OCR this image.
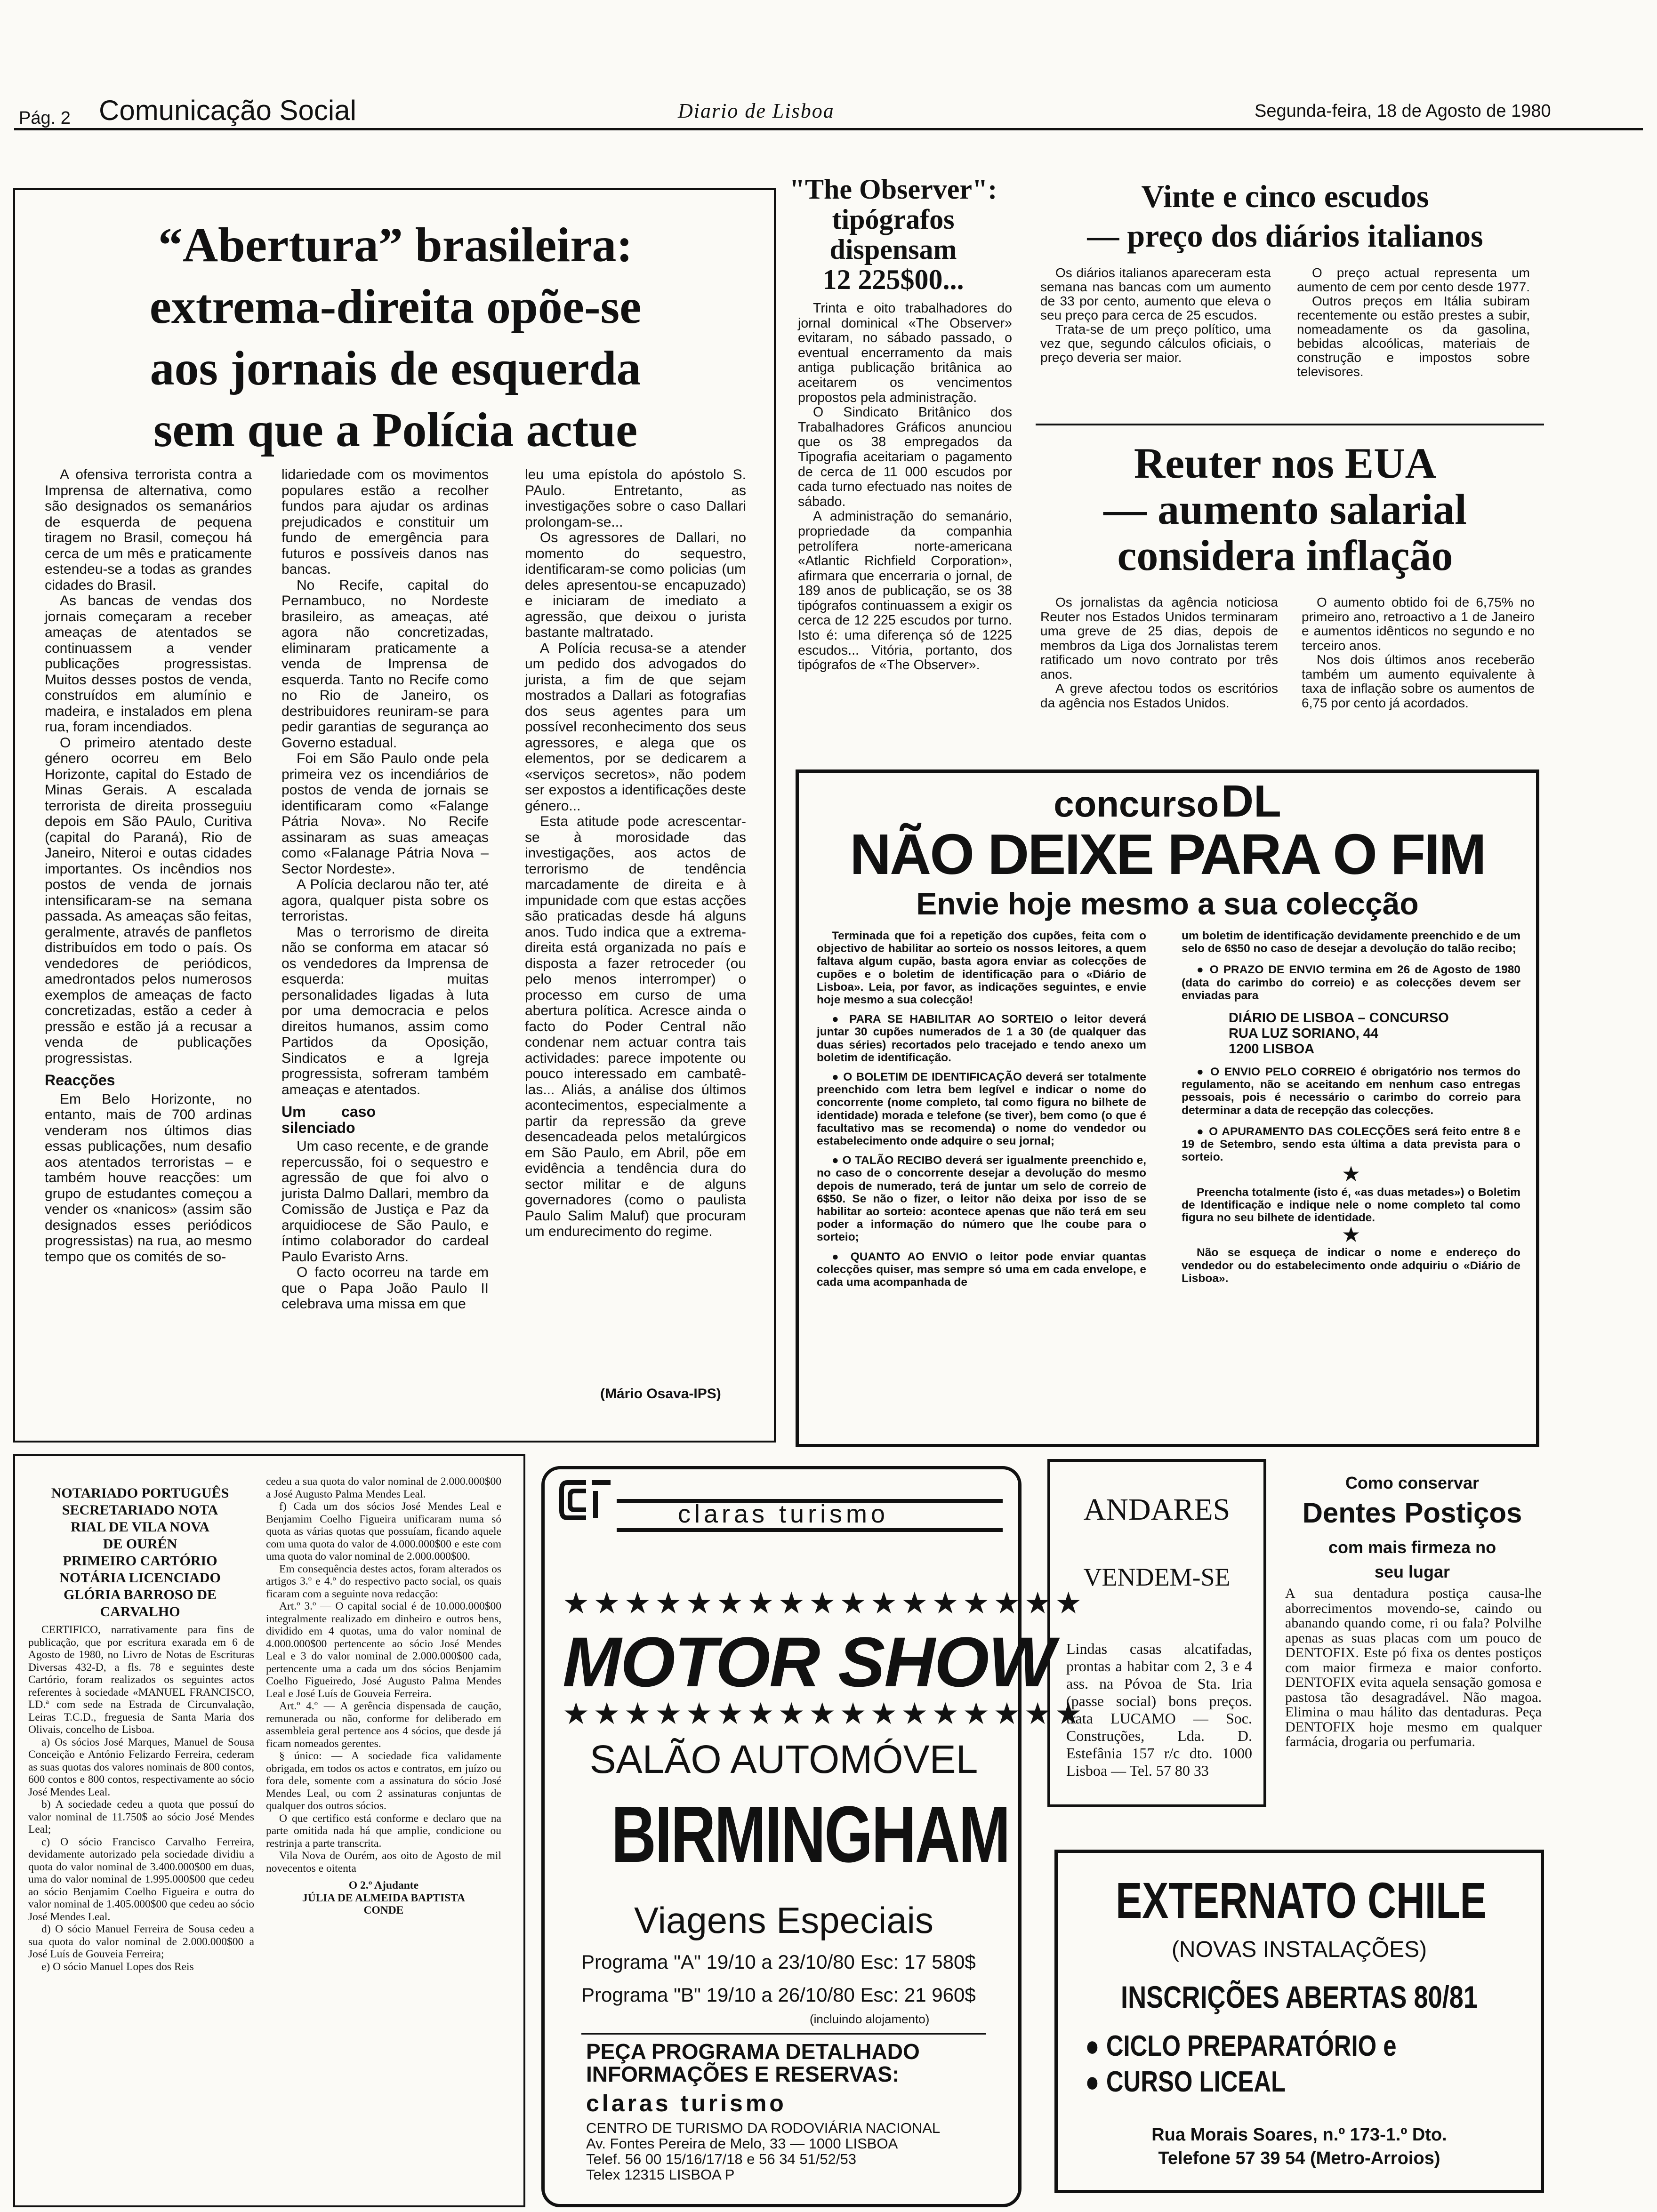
Pág. 2 Comunicação Social	Diario de Lisboa	Segunda-feira, 18 de Agosto de 1980
“Abertura” brasileira:
extrema-direita opõe-se
aos jornais de esquerda
sem que a Polícia actue

A ofensiva terrorista contra a Imprensa de alternativa, como são designados os semanários de esquerda de pequena tiragem no Brasil, começou há cerca de um mês e praticamente estendeu-se a todas as grandes cidades do Brasil.

As bancas de vendas dos jornais começaram a receber ameaças de atentados se continuassem a vender publicações progressistas. Muitos desses postos de venda, construídos em alumínio e madeira, e instalados em plena rua, foram incendiados.

O primeiro atentado deste género ocorreu em Belo Horizonte, capital do Estado de Minas Gerais. A escalada terrorista de direita prosseguiu depois em São PAulo, Curitiva (capital do Paraná), Rio de Janeiro, Niteroi e outas cidades importantes. Os incêndios nos postos de venda de jornais intensificaram-se na semana passada. As ameaças são feitas, geralmente, através de panfletos distribuídos em todo o país. Os vendedores de periódicos, amedrontados pelos numerosos exemplos de ameaças de facto concretizadas, estão a ceder à pressão e estão já a recusar a venda de publicações progressistas.

Reacções

Em Belo Horizonte, no entanto, mais de 700 ardinas venderam nos últimos dias essas publicações, num desafio aos atentados terroristas – e também houve reacções: um grupo de estudantes começou a vender os «nanicos» (assim são designados esses periódicos progressistas) na rua, ao mesmo tempo que os comités de so-

lidariedade com os movimentos populares estão a recolher fundos para ajudar os ardinas prejudicados e constituir um fundo de emergência para futuros e possíveis danos nas bancas.

No Recife, capital do Pernambuco, no Nordeste brasileiro, as ameaças, até agora não concretizadas, eliminaram praticamente a venda de Imprensa de esquerda. Tanto no Recife como no Rio de Janeiro, os destribuidores reuniram-se para pedir garantias de segurança ao Governo estadual.

Foi em São Paulo onde pela primeira vez os incendiários de postos de venda de jornais se identificaram como «Falange Pátria Nova». No Recife assinaram as suas ameaças como «Falanage Pátria Nova – Sector Nordeste».

A Polícia declarou não ter, até agora, qualquer pista sobre os terroristas.

Mas o terrorismo de direita não se conforma em atacar só os vendedores da Imprensa de esquerda: muitas personalidades ligadas à luta por uma democracia e pelos direitos humanos, assim como Partidos da Oposição, Sindicatos e a Igreja progressista, sofreram também ameaças e atentados.

Um caso silenciado

Um caso recente, e de grande repercussão, foi o sequestro e agressão de que foi alvo o jurista Dalmo Dallari, membro da Comissão de Justiça e Paz da arquidiocese de São Paulo, e íntimo colaborador do cardeal Paulo Evaristo Arns.

O facto ocorreu na tarde em que o Papa João Paulo II celebrava uma missa em que

leu uma epístola do apóstolo S. PAulo. Entretanto, as investigações sobre o caso Dallari prolongam-se...

Os agressores de Dallari, no momento do sequestro, identificaram-se como policias (um deles apresentou-se encapuzado) e iniciaram de imediato a agressão, que deixou o jurista bastante maltratado.

A Polícia recusa-se a atender um pedido dos advogados do jurista, a fim de que sejam mostrados a Dallari as fotografias dos seus agentes para um possível reconhecimento dos seus agressores, e alega que os elementos, por se dedicarem a «serviços secretos», não podem ser expostos a identificações deste género...

Esta atitude pode acrescentar-se à morosidade das investigações, aos actos de terrorismo de tendência marcadamente de direita e à impunidade com que estas acções são praticadas desde há alguns anos. Tudo indica que a extrema-direita está organizada no país e disposta a fazer retroceder (ou pelo menos interromper) o processo em curso de uma abertura política. Acresce ainda o facto do Poder Central não condenar nem actuar contra tais actividades: parece impotente ou pouco interessado em cambatê-las... Aliás, a análise dos últimos acontecimentos, especialmente a partir da repressão da greve desencadeada pelos metalúrgicos em São Paulo, em Abril, põe em evidência a tendência dura do sector militar e de alguns governadores (como o paulista Paulo Salim Maluf) que procuram um endurecimento do regime.

(Mário Osava-IPS)
"The Observer":
tipógrafos
dispensam
12 225$00...

Trinta e oito trabalhadores do jornal dominical «The Observer» evitaram, no sábado passado, o eventual encerramento da mais antiga publicação britânica ao aceitarem os vencimentos propostos pela administração.

O Sindicato Britânico dos Trabalhadores Gráficos anunciou que os 38 empregados da Tipografia aceitariam o pagamento de cerca de 11 000 escudos por cada turno efectuado nas noites de sábado.

A administração do semanário, propriedade da companhia petrolífera norte-americana «Atlantic Richfield Corporation», afirmara que encerraria o jornal, de 189 anos de publicação, se os 38 tipógrafos continuassem a exigir os cerca de 12 225 escudos por turno. Isto é: uma diferença só de 1225 escudos... Vitória, portanto, dos tipógrafos de «The Observer».

Vinte e cinco escudos
— preço dos diários italianos

Os diários italianos apareceram esta semana nas bancas com um aumento de 33 por cento, aumento que eleva o seu preço para cerca de 25 escudos.

Trata-se de um preço político, uma vez que, segundo cálculos oficiais, o preço deveria ser maior.

O preço actual representa um aumento de cem por cento desde 1977.

Outros preços em Itália subiram recentemente ou estão prestes a subir, nomeadamente os da gasolina, bebidas alcoólicas, materiais de construção e impostos sobre televisores.

Reuter nos EUA
— aumento salarial
considera inflação

Os jornalistas da agência noticiosa Reuter nos Estados Unidos terminaram uma greve de 25 dias, depois de membros da Liga dos Jornalistas terem ratificado um novo contrato por três anos.

A greve afectou todos os escritórios da agência nos Estados Unidos.

O aumento obtido foi de 6,75% no primeiro ano, retroactivo a 1 de Janeiro e aumentos idênticos no segundo e no terceiro anos.

Nos dois últimos anos receberão também um aumento equivalente à taxa de inflação sobre os aumentos de 6,75 por cento já acordados.

concurso DL
NÃO DEIXE PARA O FIM
Envie hoje mesmo a sua colecção

Terminada que foi a repetição dos cupões, feita com o objectivo de habilitar ao sorteio os nossos leitores, a quem faltava algum cupão, basta agora enviar as colecções de cupões e o boletim de identificação para o «Diário de Lisboa». Leia, por favor, as indicações seguintes, e envie hoje mesmo a sua colecção!

● PARA SE HABILITAR AO SORTEIO o leitor deverá juntar 30 cupões numerados de 1 a 30 (de qualquer das duas séries) recortados pelo tracejado e tendo anexo um boletim de identificação.

● O BOLETIM DE IDENTIFICAÇÃO deverá ser totalmente preenchido com letra bem legível e indicar o nome do concorrente (nome completo, tal como figura no bilhete de identidade) morada e telefone (se tiver), bem como (o que é facultativo mas se recomenda) o nome do vendedor ou estabelecimento onde adquire o seu jornal;

● O TALÃO RECIBO deverá ser igualmente preenchido e, no caso de o concorrente desejar a devolução do mesmo depois de numerado, terá de juntar um selo de correio de 6$50. Se não o fizer, o leitor não deixa por isso de se habilitar ao sorteio: acontece apenas que não terá em seu poder a informação do número que lhe coube para o sorteio;

● QUANTO AO ENVIO o leitor pode enviar quantas colecções quiser, mas sempre só uma em cada envelope, e cada uma acompanhada de

um boletim de identificação devidamente preenchido e de um selo de 6$50 no caso de desejar a devolução do talão recibo;

● O PRAZO DE ENVIO termina em 26 de Agosto de 1980 (data do carimbo do correio) e as colecções devem ser enviadas para

DIÁRIO DE LISBOA – CONCURSO
RUA LUZ SORIANO, 44
1200 LISBOA

● O ENVIO PELO CORREIO é obrigatório nos termos do regulamento, não se aceitando em nenhum caso entregas pessoais, pois é necessário o carimbo do correio para determinar a data de recepção das colecções.

● O APURAMENTO DAS COLECÇÕES será feito entre 8 e 19 de Setembro, sendo esta última a data prevista para o sorteio.

★

Preencha totalmente (isto é, «as duas metades») o Boletim de Identificação e indique nele o nome completo tal como figura no seu bilhete de identidade.

★

Não se esqueça de indicar o nome e endereço do vendedor ou do estabelecimento onde adquiriu o «Diário de Lisboa».

NOTARIADO PORTUGUÊS
SECRETARIADO NOTA
RIAL DE VILA NOVA
DE OURÉN
PRIMEIRO CARTÓRIO
NOTÁRIA LICENCIADO
GLÓRIA BARROSO DE
CARVALHO

CERTIFICO, narrativamente para fins de publicação, que por escritura exarada em 6 de Agosto de 1980, no Livro de Notas de Escrituras Diversas 432-D, a fls. 78 e seguintes deste Cartório, foram realizados os seguintes actos referentes à sociedade «MANUEL FRANCISCO, LD.ª com sede na Estrada de Circunvalação, Leiras T.C.D., freguesia de Santa Maria dos Olivais, concelho de Lisboa.

a) Os sócios José Marques, Manuel de Sousa Conceição e António Felizardo Ferreira, cederam as suas quotas dos valores nominais de 800 contos, 600 contos e 800 contos, respectivamente ao sócio José Mendes Leal.

b) A sociedade cedeu a quota que possuí do valor nominal de 11.750$ ao sócio José Mendes Leal;

c) O sócio Francisco Carvalho Ferreira, devidamente autorizado pela sociedade dividiu a quota do valor nominal de 3.400.000$00 em duas, uma do valor nominal de 1.995.000$00 que cedeu ao sócio Benjamim Coelho Figueira e outra do valor nominal de 1.405.000$00 que cedeu ao sócio José Mendes Leal.

d) O sócio Manuel Ferreira de Sousa cedeu a sua quota do valor nominal de 2.000.000$00 a José Luís de Gouveia Ferreira;

e) O sócio Manuel Lopes dos Reis

cedeu a sua quota do valor nominal de 2.000.000$00 a José Augusto Palma Mendes Leal.

f) Cada um dos sócios José Mendes Leal e Benjamim Coelho Figueira unificaram numa só quota as várias quotas que possuíam, ficando aquele com uma quota do valor de 4.000.000$00 e este com uma quota do valor nominal de 2.000.000$00.

Em consequência destes actos, foram alterados os artigos 3.º e 4.º do respectivo pacto social, os quais ficaram com a seguinte nova redacção:

Art.º 3.º — O capital social é de 10.000.000$00 integralmente realizado em dinheiro e outros bens, dividido em 4 quotas, uma do valor nominal de 4.000.000$00 pertencente ao sócio José Mendes Leal e 3 do valor nominal de 2.000.000$00 cada, pertencente uma a cada um dos sócios Benjamim Coelho Figueiredo, José Augusto Palma Mendes Leal e José Luís de Gouveia Ferreira.

Art.º 4.º — A gerência dispensada de caução, remunerada ou não, conforme for deliberado em assembleia geral pertence aos 4 sócios, que desde já ficam nomeados gerentes.

§ único: — A sociedade fica validamente obrigada, em todos os actos e contratos, em juízo ou fora dele, somente com a assinatura do sócio José Mendes Leal, ou com 2 assinaturas conjuntas de qualquer dos outros sócios.

O que certifico está conforme e declaro que na parte omitida nada há que amplie, condicione ou restrinja a parte transcrita.

Vila Nova de Ourém, aos oito de Agosto de mil novecentos e oitenta

O 2.º Ajudante
JÚLIA DE ALMEIDA BAPTISTA
CONDE
claras turismo
★★★★★★★★★★★★★★★★★
MOTOR SHOW
★★★★★★★★★★★★★★★★★
SALÃO AUTOMÓVEL
BIRMINGHAM
Viagens Especiais
Programa "A" 19/10 a 23/10/80 Esc: 17 580$
Programa "B" 19/10 a 26/10/80 Esc: 21 960$
(incluindo alojamento)
PEÇA PROGRAMA DETALHADO
INFORMAÇÕES E RESERVAS:
claras turismo
CENTRO DE TURISMO DA RODOVIÁRIA NACIONAL
Av. Fontes Pereira de Melo, 33 — 1000 LISBOA
Telef. 56 00 15/16/17/18 e 56 34 51/52/53
Telex 12315 LISBOA P
ANDARES
VENDEM-SE
Lindas casas alcatifadas, prontas a habitar com 2, 3 e 4 ass. na Póvoa de Sta. Iria (passe social) bons preços. trata LUCAMO — Soc. Construções, Lda. D. Estefânia 157 r/c dto. 1000 Lisboa — Tel. 57 80 33
Como conservar
Dentes Postiços
com mais firmeza no
seu lugar
A sua dentadura postiça causa-lhe aborrecimentos movendo-se, caindo ou abanando quando come, ri ou fala? Polvilhe apenas as suas placas com um pouco de DENTOFIX. Este pó fixa os dentes postiços com maior firmeza e maior conforto. DENTOFIX evita aquela sensação gomosa e pastosa tão desagradável. Não magoa. Elimina o mau hálito das dentaduras. Peça DENTOFIX hoje mesmo em qualquer farmácia, drogaria ou perfumaria.
EXTERNATO CHILE
(NOVAS INSTALAÇÕES)
INSCRIÇÕES ABERTAS 80/81
● CICLO PREPARATÓRIO e
● CURSO LICEAL
Rua Morais Soares, n.º 173-1.º Dto.
Telefone 57 39 54 (Metro-Arroios)
